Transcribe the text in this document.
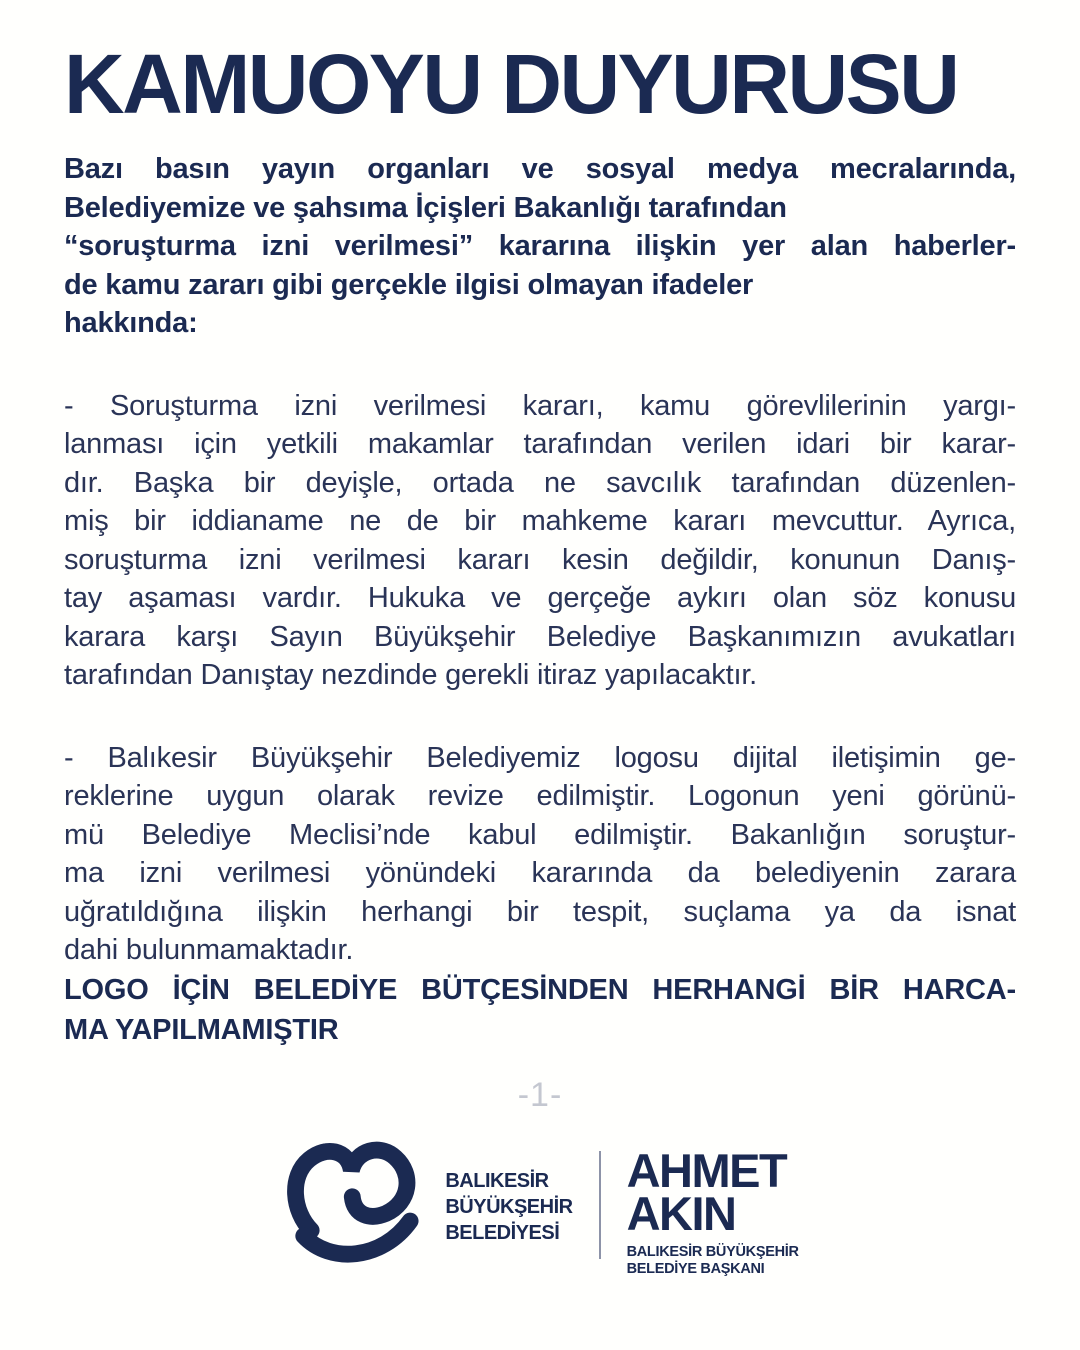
KAMUOYU DUYURUSU
Bazı basın yayın organları ve sosyal medya mecralarında,
Belediyemize ve şahsıma İçişleri Bakanlığı tarafından
“soruşturma izni verilmesi” kararına ilişkin yer alan haberler-
de kamu zararı gibi gerçekle ilgisi olmayan ifadeler
hakkında:
- Soruşturma izni verilmesi kararı, kamu görevlilerinin yargı-
lanması için yetkili makamlar tarafından verilen idari bir karar-
dır. Başka bir deyişle, ortada ne savcılık tarafından düzenlen-
miş bir iddianame ne de bir mahkeme kararı mevcuttur. Ayrıca,
soruşturma izni verilmesi kararı kesin değildir, konunun Danış-
tay aşaması vardır. Hukuka ve gerçeğe aykırı olan söz konusu
karara karşı Sayın Büyükşehir Belediye Başkanımızın avukatları
tarafından Danıştay nezdinde gerekli itiraz yapılacaktır.
- Balıkesir Büyükşehir Belediyemiz logosu dijital iletişimin ge-
reklerine uygun olarak revize edilmiştir. Logonun yeni görünü-
mü Belediye Meclisi’nde kabul edilmiştir. Bakanlığın soruştur-
ma izni verilmesi yönündeki kararında da belediyenin zarara
uğratıldığına ilişkin herhangi bir tespit, suçlama ya da isnat
dahi bulunmamaktadır.
LOGO İÇİN BELEDİYE BÜTÇESİNDEN HERHANGİ BİR HARCA-
MA YAPILMAMIŞTIR
-1-
BALIKESİR
BÜYÜKŞEHİR
BELEDİYESİ
AHMET
AKIN
BALIKESİR BÜYÜKŞEHİR
BELEDİYE BAŞKANI
